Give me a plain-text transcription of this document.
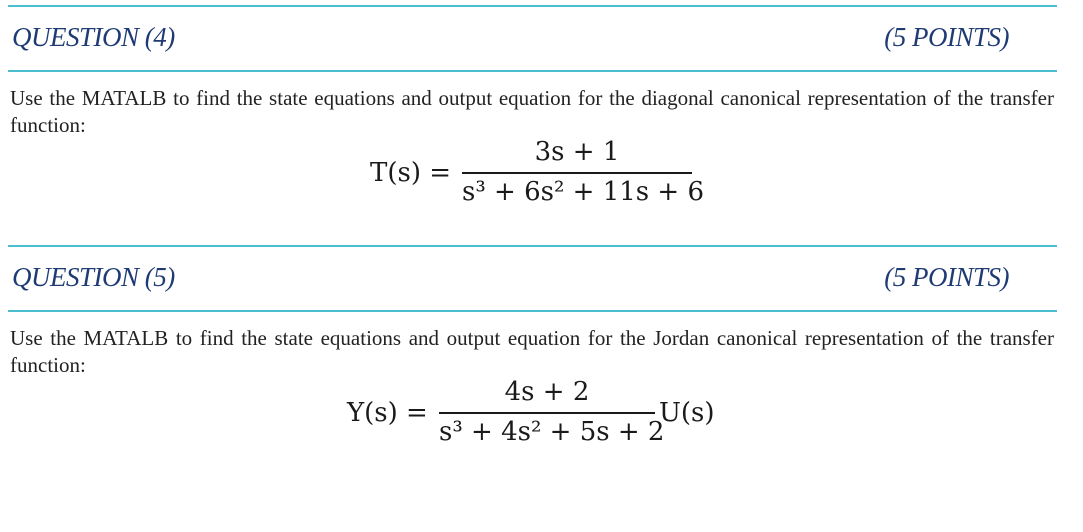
QUESTION (4)	(5 POINTS)
Use the MATALB to find the state equations and output equation for the diagonal canonical representation of the transfer function:
T(s) =
3s + 1
s³ + 6s² + 11s + 6
QUESTION (5)	(5 POINTS)
Use the MATALB to find the state equations and output equation for the Jordan canonical representation of the transfer function:
Y(s) =
4s + 2
s³ + 4s² + 5s + 2
U(s)
